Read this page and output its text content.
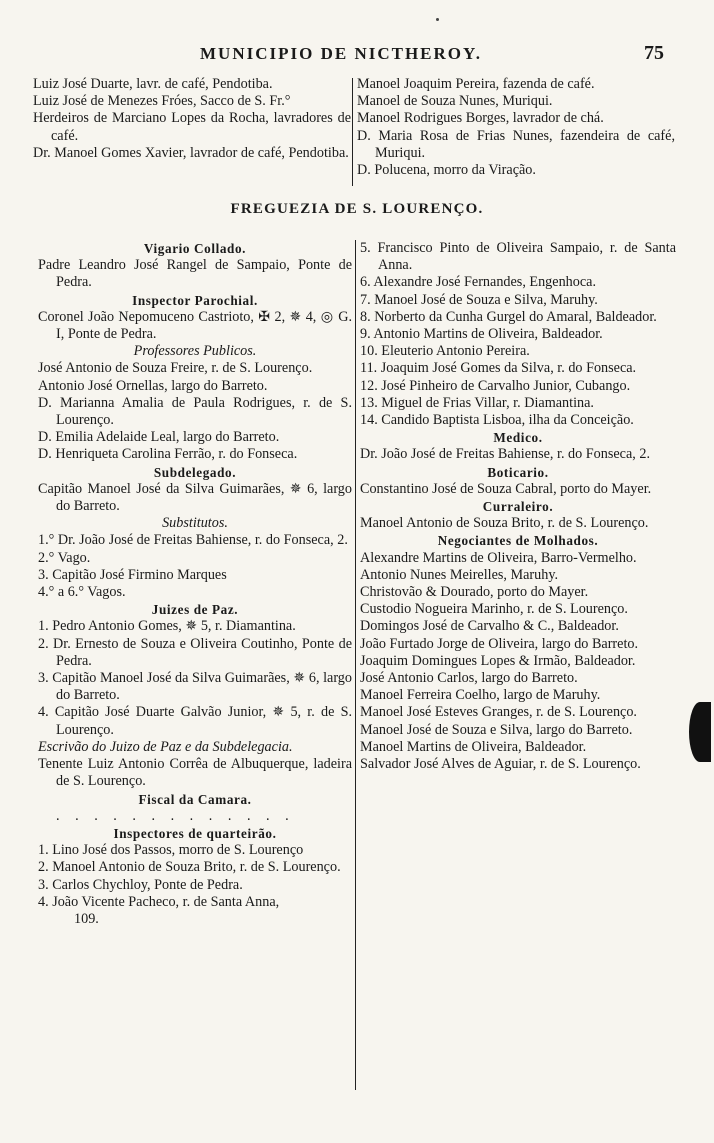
MUNICIPIO DE NICTHEROY.	75

Luiz José Duarte, lavr. de café, Pendotiba.

Luiz José de Menezes Fróes, Sacco de S. Fr.°

Herdeiros de Marciano Lopes da Rocha, lavradores de café.

Dr. Manoel Gomes Xavier, lavrador de café, Pendotiba.

Manoel Joaquim Pereira, fazenda de café.

Manoel de Souza Nunes, Muriqui.

Manoel Rodrigues Borges, lavrador de chá.

D. Maria Rosa de Frias Nunes, fazendeira de café, Muriqui.

D. Polucena, morro da Viração.

FREGUEZIA DE S. LOURENÇO.

Vigario Collado.

Padre Leandro José Rangel de Sampaio, Ponte de Pedra.

Inspector Parochial.

Coronel João Nepomuceno Castrioto, ✠ 2, ✵ 4, ◎ G. I, Ponte de Pedra.

Professores Publicos.

José Antonio de Souza Freire, r. de S. Lourenço.

Antonio José Ornellas, largo do Barreto.

D. Marianna Amalia de Paula Rodrigues, r. de S. Lourenço.

D. Emilia Adelaide Leal, largo do Barreto.

D. Henriqueta Carolina Ferrão, r. do Fonseca.

Subdelegado.

Capitão Manoel José da Silva Guimarães, ✵ 6, largo do Barreto.

Substitutos.

1.° Dr. João José de Freitas Bahiense, r. do Fonseca, 2.

2.° Vago.

3. Capitão José Firmino Marques

4.° a 6.° Vagos.

Juizes de Paz.

1. Pedro Antonio Gomes, ✵ 5, r. Diamantina.

2. Dr. Ernesto de Souza e Oliveira Coutinho, Ponte de Pedra.

3. Capitão Manoel José da Silva Guimarães, ✵ 6, largo do Barreto.

4. Capitão José Duarte Galvão Junior, ✵ 5, r. de S. Lourenço.

Escrivão do Juizo de Paz e da Subdelegacia.

Tenente Luiz Antonio Corrêa de Albuquerque, ladeira de S. Lourenço.

Fiscal da Camara.

. . . . . . . . . . . . .

Inspectores de quarteirão.

1. Lino José dos Passos, morro de S. Lourenço

2. Manoel Antonio de Souza Brito, r. de S. Lourenço.

3. Carlos Chychloy, Ponte de Pedra.

4. João Vicente Pacheco, r. de Santa Anna,

109.

5. Francisco Pinto de Oliveira Sampaio, r. de Santa Anna.

6. Alexandre José Fernandes, Engenhoca.

7. Manoel José de Souza e Silva, Maruhy.

8. Norberto da Cunha Gurgel do Amaral, Baldeador.

9. Antonio Martins de Oliveira, Baldeador.

10. Eleuterio Antonio Pereira.

11. Joaquim José Gomes da Silva, r. do Fonseca.

12. José Pinheiro de Carvalho Junior, Cubango.

13. Miguel de Frias Villar, r. Diamantina.

14. Candido Baptista Lisboa, ilha da Conceição.

Medico.

Dr. João José de Freitas Bahiense, r. do Fonseca, 2.

Boticario.

Constantino José de Souza Cabral, porto do Mayer.

Curraleiro.

Manoel Antonio de Souza Brito, r. de S. Lourenço.

Negociantes de Molhados.

Alexandre Martins de Oliveira, Barro-Vermelho.

Antonio Nunes Meirelles, Maruhy.

Christovão & Dourado, porto do Mayer.

Custodio Nogueira Marinho, r. de S. Lourenço.

Domingos José de Carvalho & C., Baldeador.

João Furtado Jorge de Oliveira, largo do Barreto.

Joaquim Domingues Lopes & Irmão, Baldeador.

José Antonio Carlos, largo do Barreto.

Manoel Ferreira Coelho, largo de Maruhy.

Manoel José Esteves Granges, r. de S. Lourenço.

Manoel José de Souza e Silva, largo do Barreto.

Manoel Martins de Oliveira, Baldeador.

Salvador José Alves de Aguiar, r. de S. Lourenço.
